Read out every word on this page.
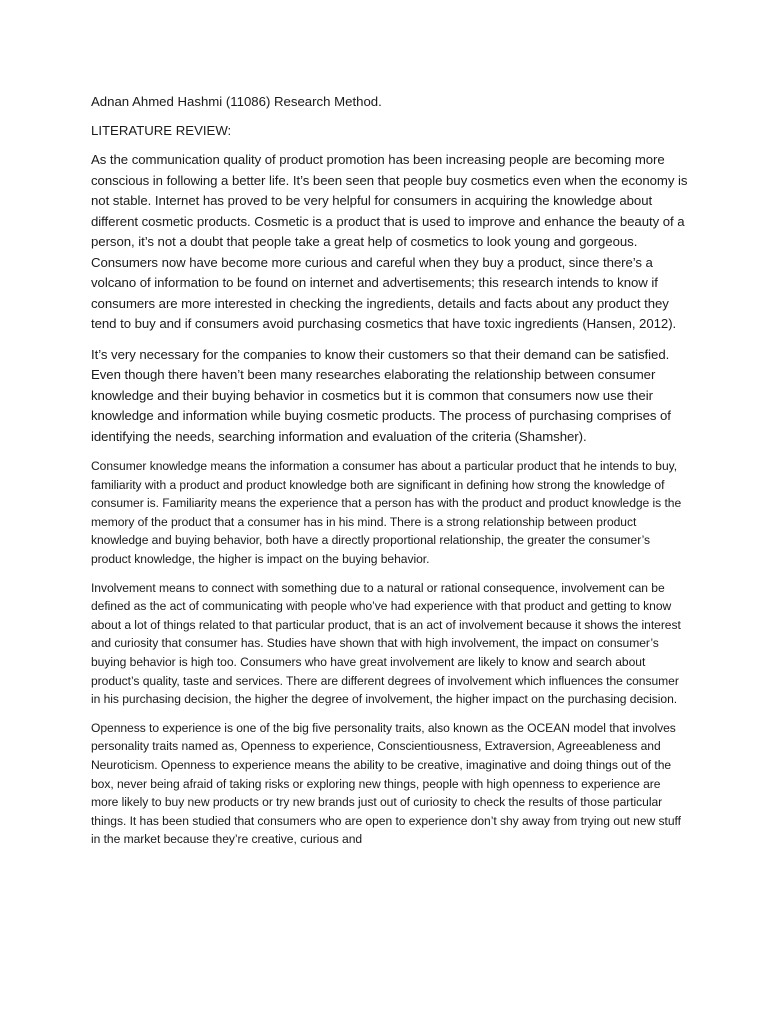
Adnan Ahmed Hashmi (11086) Research Method.

LITERATURE REVIEW:

As the communication quality of product promotion has been increasing people are becoming more conscious in following a better life. It’s been seen that people buy cosmetics even when the economy is not stable. Internet has proved to be very helpful for consumers in acquiring the knowledge about different cosmetic products. Cosmetic is a product that is used to improve and enhance the beauty of a person, it’s not a doubt that people take a great help of cosmetics to look young and gorgeous. Consumers now have become more curious and careful when they buy a product, since there’s a volcano of information to be found on internet and advertisements; this research intends to know if consumers are more interested in checking the ingredients, details and facts about any product they tend to buy and if consumers avoid purchasing cosmetics that have toxic ingredients (Hansen, 2012).

It’s very necessary for the companies to know their customers so that their demand can be satisfied. Even though there haven’t been many researches elaborating the relationship between consumer knowledge and their buying behavior in cosmetics but it is common that consumers now use their knowledge and information while buying cosmetic products. The process of purchasing comprises of identifying the needs, searching information and evaluation of the criteria (Shamsher).

Consumer knowledge means the information a consumer has about a particular product that he intends to buy, familiarity with a product and product knowledge both are significant in defining how strong the knowledge of consumer is. Familiarity means the experience that a person has with the product and product knowledge is the memory of the product that a consumer has in his mind. There is a strong relationship between product knowledge and buying behavior, both have a directly proportional relationship, the greater the consumer’s product knowledge, the higher is impact on the buying behavior.

Involvement means to connect with something due to a natural or rational consequence, involvement can be defined as the act of communicating with people who’ve had experience with that product and getting to know about a lot of things related to that particular product, that is an act of involvement because it shows the interest and curiosity that consumer has. Studies have shown that with high involvement, the impact on consumer’s buying behavior is high too. Consumers who have great involvement are likely to know and search about product’s quality, taste and services. There are different degrees of involvement which influences the consumer in his purchasing decision, the higher the degree of involvement, the higher impact on the purchasing decision.

Openness to experience is one of the big five personality traits, also known as the OCEAN model that involves personality traits named as, Openness to experience, Conscientiousness, Extraversion, Agreeableness and Neuroticism. Openness to experience means the ability to be creative, imaginative and doing things out of the box, never being afraid of taking risks or exploring new things, people with high openness to experience are more likely to buy new products or try new brands just out of curiosity to check the results of those particular things. It has been studied that consumers who are open to experience don’t shy away from trying out new stuff in the market because they’re creative, curious and
